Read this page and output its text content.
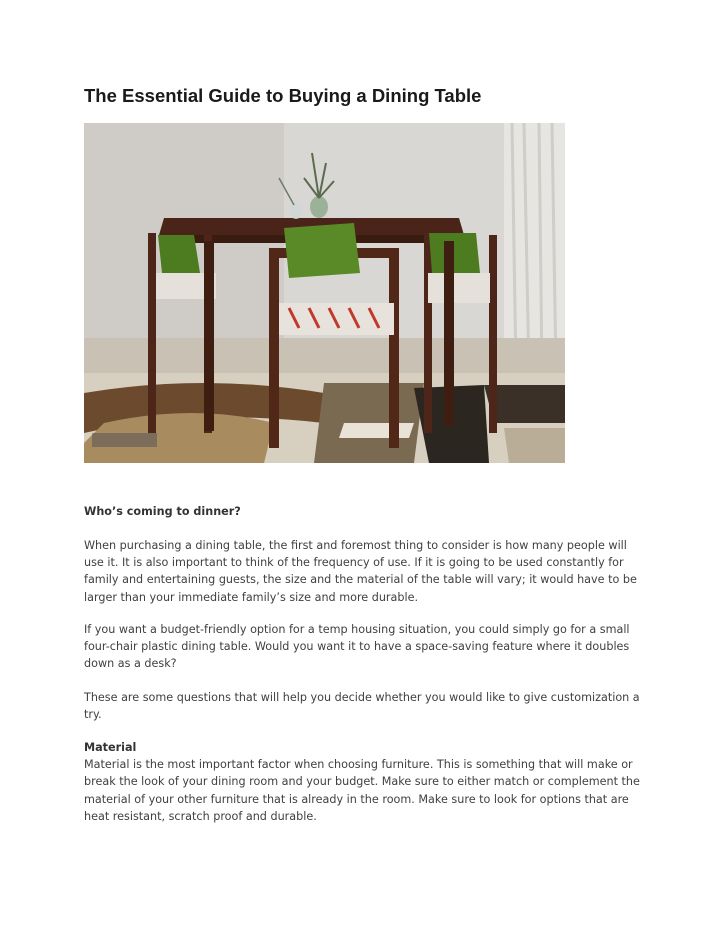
The Essential Guide to Buying a Dining Table

Who’s coming to dinner?

When purchasing a dining table, the first and foremost thing to consider is how many people will use it. It is also important to think of the frequency of use. If it is going to be used constantly for family and entertaining guests, the size and the material of the table will vary; it would have to be larger than your immediate family’s size and more durable.

If you want a budget-friendly option for a temp housing situation, you could simply go for a small four-chair plastic dining table. Would you want it to have a space-saving feature where it doubles down as a desk?

These are some questions that will help you decide whether you would like to give customization a try.

Material
Material is the most important factor when choosing furniture. This is something that will make or break the look of your dining room and your budget. Make sure to either match or complement the material of your other furniture that is already in the room. Make sure to look for options that are heat resistant, scratch proof and durable.
